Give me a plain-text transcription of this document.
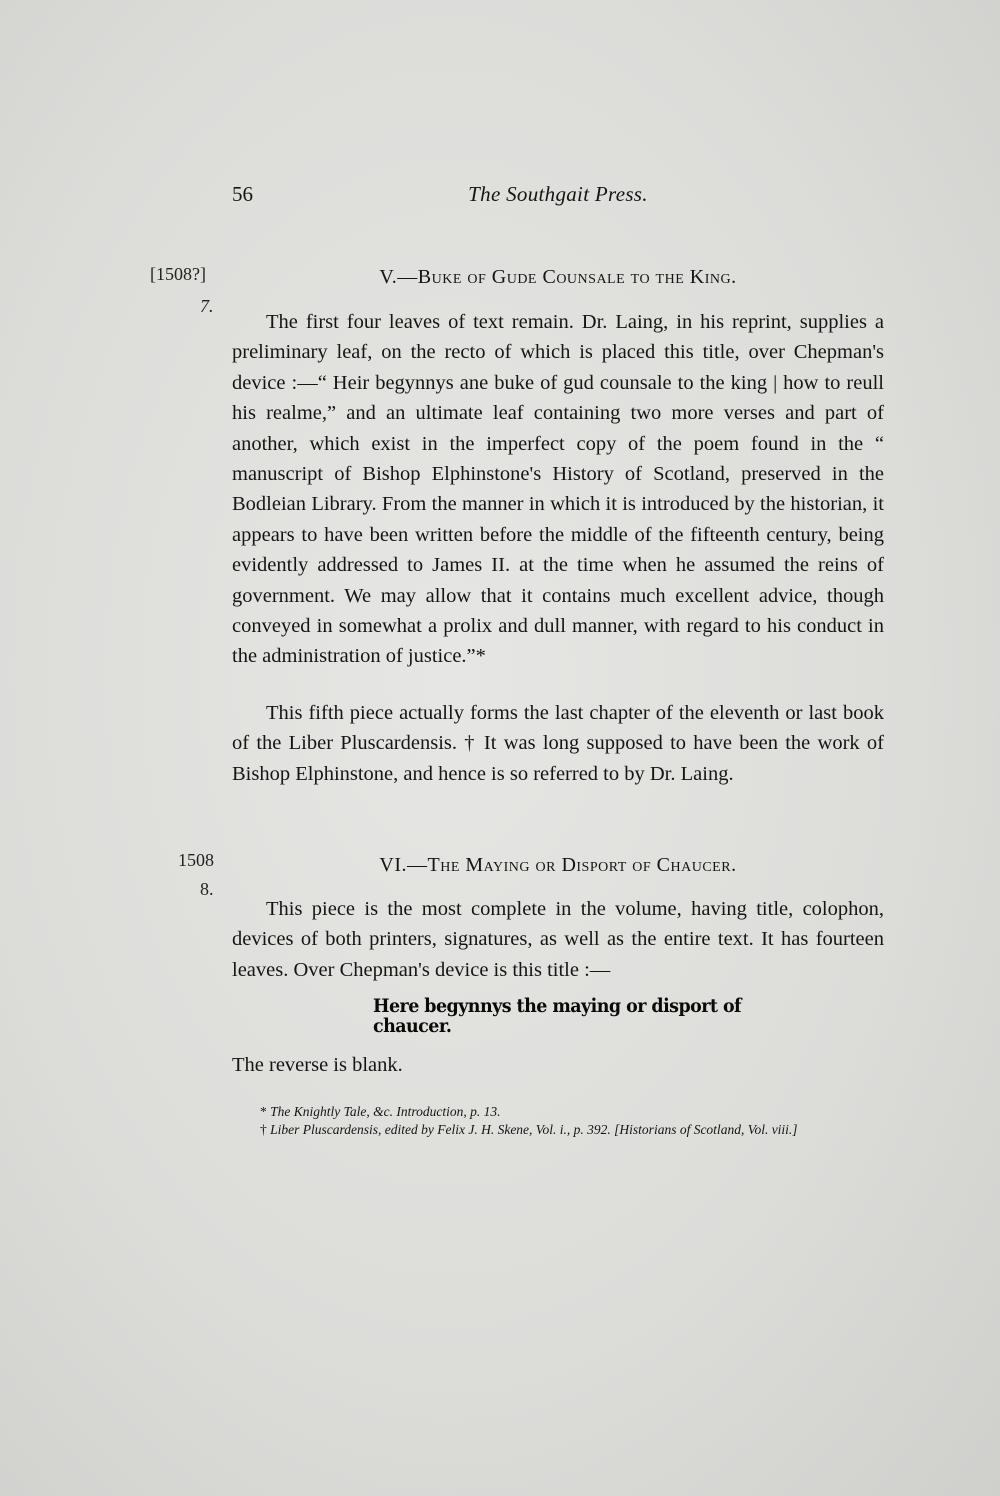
56	The Southgait Press.
[1508?]
7.
V.—Buke of Gude Counsale to the King.

The first four leaves of text remain. Dr. Laing, in his reprint, supplies a preliminary leaf, on the recto of which is placed this title, over Chepman's device :—“ Heir begynnys ane buke of gud counsale to the king | how to reull his realme,” and an ultimate leaf containing two more verses and part of another, which exist in the imperfect copy of the poem found in the “ manuscript of Bishop Elphinstone's History of Scotland, preserved in the Bodleian Library. From the manner in which it is introduced by the historian, it appears to have been written before the middle of the fifteenth century, being evidently addressed to James II. at the time when he assumed the reins of government. We may allow that it contains much excellent advice, though conveyed in somewhat a prolix and dull manner, with regard to his conduct in the administration of justice.”*

This fifth piece actually forms the last chapter of the eleventh or last book of the Liber Pluscardensis. † It was long supposed to have been the work of Bishop Elphinstone, and hence is so referred to by Dr. Laing.

1508
8.
VI.—The Maying or Disport of Chaucer.

This piece is the most complete in the volume, having title, colophon, devices of both printers, signatures, as well as the entire text. It has fourteen leaves. Over Chepman's device is this title :—

Here begynnys the maying or disport of
chaucer.

The reverse is blank.

* The Knightly Tale, &c. Introduction, p. 13.
† Liber Pluscardensis, edited by Felix J. H. Skene, Vol. i., p. 392. [Historians of Scotland, Vol. viii.]
